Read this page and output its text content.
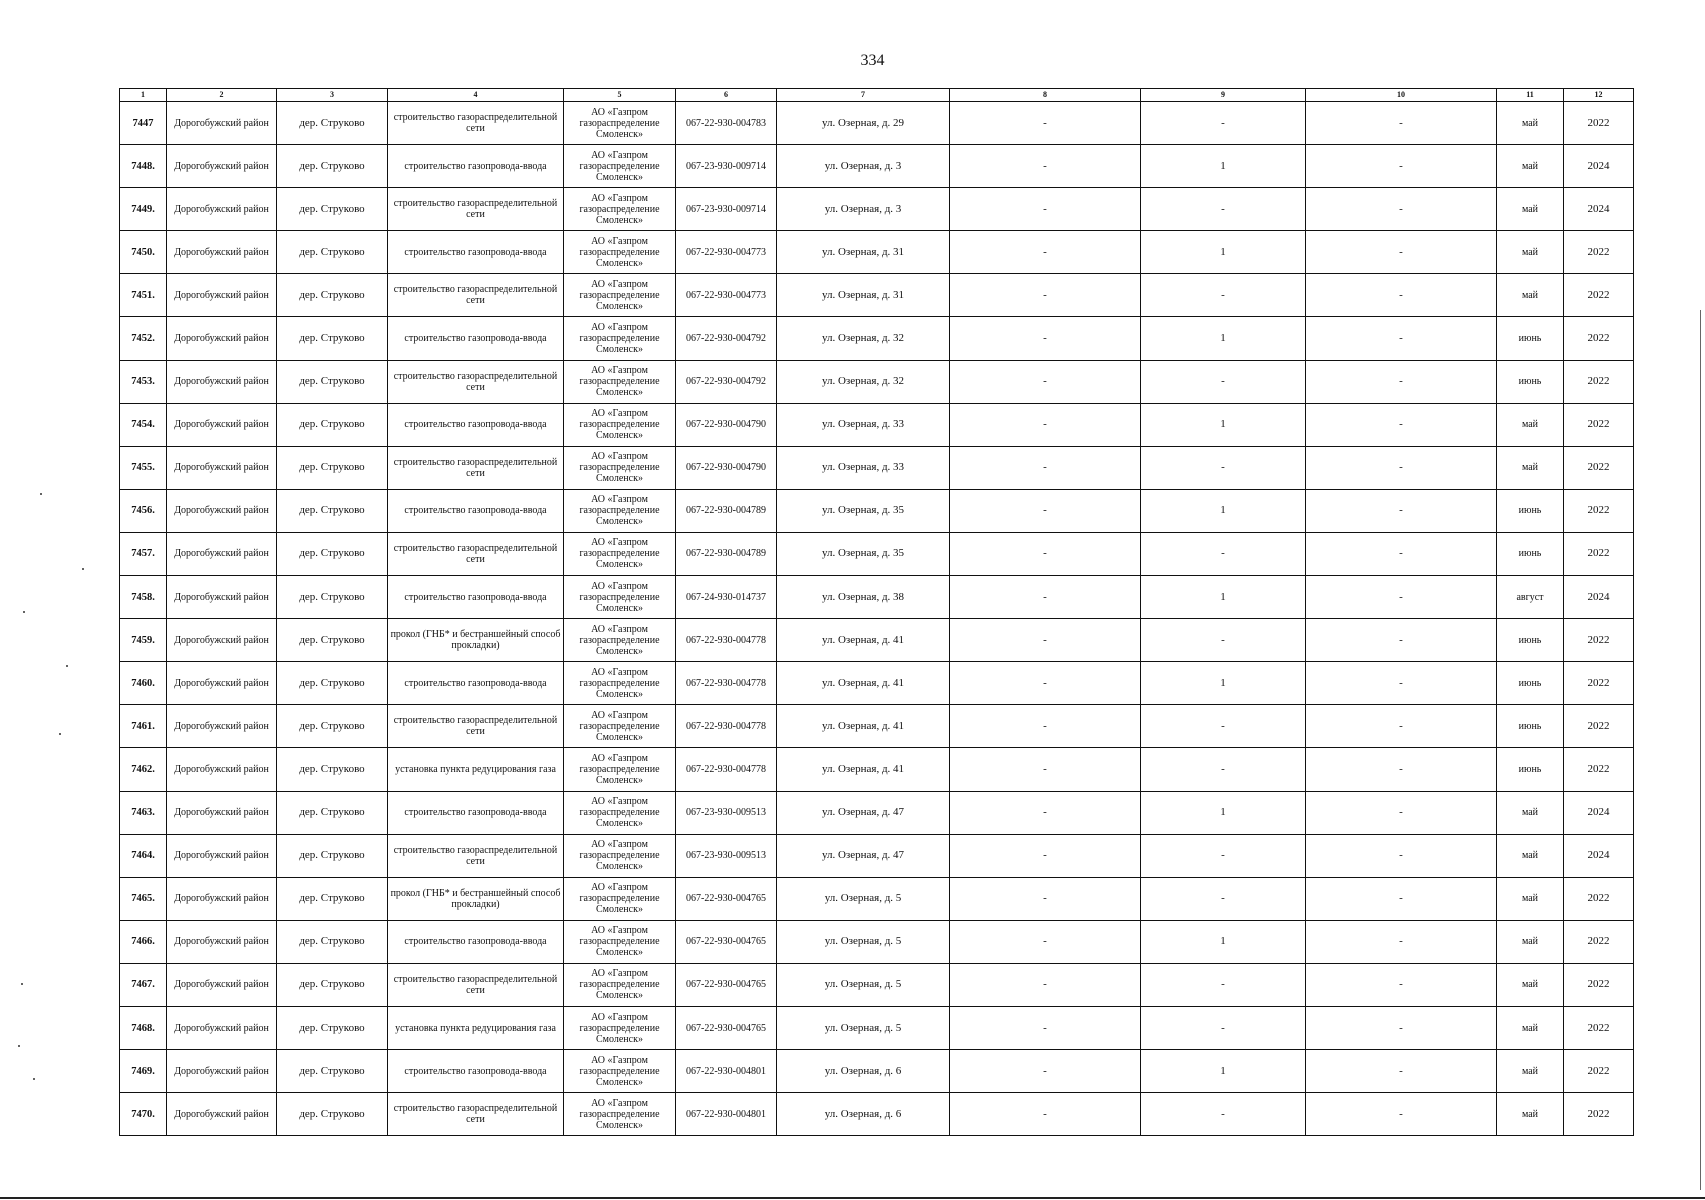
334
1	2	3	4	5	6	7	8	9	10	11	12
7447	Дорогобужский район	дер. Струково	строительство газораспределительной сети	АО «Газпром газораспределение Смоленск»	067-22-930-004783	ул. Озерная, д. 29	-	-	-	май	2022
7448.	Дорогобужский район	дер. Струково	строительство газопровода-ввода	АО «Газпром газораспределение Смоленск»	067-23-930-009714	ул. Озерная, д. 3	-	1	-	май	2024
7449.	Дорогобужский район	дер. Струково	строительство газораспределительной сети	АО «Газпром газораспределение Смоленск»	067-23-930-009714	ул. Озерная, д. 3	-	-	-	май	2024
7450.	Дорогобужский район	дер. Струково	строительство газопровода-ввода	АО «Газпром газораспределение Смоленск»	067-22-930-004773	ул. Озерная, д. 31	-	1	-	май	2022
7451.	Дорогобужский район	дер. Струково	строительство газораспределительной сети	АО «Газпром газораспределение Смоленск»	067-22-930-004773	ул. Озерная, д. 31	-	-	-	май	2022
7452.	Дорогобужский район	дер. Струково	строительство газопровода-ввода	АО «Газпром газораспределение Смоленск»	067-22-930-004792	ул. Озерная, д. 32	-	1	-	июнь	2022
7453.	Дорогобужский район	дер. Струково	строительство газораспределительной сети	АО «Газпром газораспределение Смоленск»	067-22-930-004792	ул. Озерная, д. 32	-	-	-	июнь	2022
7454.	Дорогобужский район	дер. Струково	строительство газопровода-ввода	АО «Газпром газораспределение Смоленск»	067-22-930-004790	ул. Озерная, д. 33	-	1	-	май	2022
7455.	Дорогобужский район	дер. Струково	строительство газораспределительной сети	АО «Газпром газораспределение Смоленск»	067-22-930-004790	ул. Озерная, д. 33	-	-	-	май	2022
7456.	Дорогобужский район	дер. Струково	строительство газопровода-ввода	АО «Газпром газораспределение Смоленск»	067-22-930-004789	ул. Озерная, д. 35	-	1	-	июнь	2022
7457.	Дорогобужский район	дер. Струково	строительство газораспределительной сети	АО «Газпром газораспределение Смоленск»	067-22-930-004789	ул. Озерная, д. 35	-	-	-	июнь	2022
7458.	Дорогобужский район	дер. Струково	строительство газопровода-ввода	АО «Газпром газораспределение Смоленск»	067-24-930-014737	ул. Озерная, д. 38	-	1	-	август	2024
7459.	Дорогобужский район	дер. Струково	прокол (ГНБ* и бестраншейный способ прокладки)	АО «Газпром газораспределение Смоленск»	067-22-930-004778	ул. Озерная, д. 41	-	-	-	июнь	2022
7460.	Дорогобужский район	дер. Струково	строительство газопровода-ввода	АО «Газпром газораспределение Смоленск»	067-22-930-004778	ул. Озерная, д. 41	-	1	-	июнь	2022
7461.	Дорогобужский район	дер. Струково	строительство газораспределительной сети	АО «Газпром газораспределение Смоленск»	067-22-930-004778	ул. Озерная, д. 41	-	-	-	июнь	2022
7462.	Дорогобужский район	дер. Струково	установка пункта редуцирования газа	АО «Газпром газораспределение Смоленск»	067-22-930-004778	ул. Озерная, д. 41	-	-	-	июнь	2022
7463.	Дорогобужский район	дер. Струково	строительство газопровода-ввода	АО «Газпром газораспределение Смоленск»	067-23-930-009513	ул. Озерная, д. 47	-	1	-	май	2024
7464.	Дорогобужский район	дер. Струково	строительство газораспределительной сети	АО «Газпром газораспределение Смоленск»	067-23-930-009513	ул. Озерная, д. 47	-	-	-	май	2024
7465.	Дорогобужский район	дер. Струково	прокол (ГНБ* и бестраншейный способ прокладки)	АО «Газпром газораспределение Смоленск»	067-22-930-004765	ул. Озерная, д. 5	-	-	-	май	2022
7466.	Дорогобужский район	дер. Струково	строительство газопровода-ввода	АО «Газпром газораспределение Смоленск»	067-22-930-004765	ул. Озерная, д. 5	-	1	-	май	2022
7467.	Дорогобужский район	дер. Струково	строительство газораспределительной сети	АО «Газпром газораспределение Смоленск»	067-22-930-004765	ул. Озерная, д. 5	-	-	-	май	2022
7468.	Дорогобужский район	дер. Струково	установка пункта редуцирования газа	АО «Газпром газораспределение Смоленск»	067-22-930-004765	ул. Озерная, д. 5	-	-	-	май	2022
7469.	Дорогобужский район	дер. Струково	строительство газопровода-ввода	АО «Газпром газораспределение Смоленск»	067-22-930-004801	ул. Озерная, д. 6	-	1	-	май	2022
7470.	Дорогобужский район	дер. Струково	строительство газораспределительной сети	АО «Газпром газораспределение Смоленск»	067-22-930-004801	ул. Озерная, д. 6	-	-	-	май	2022
